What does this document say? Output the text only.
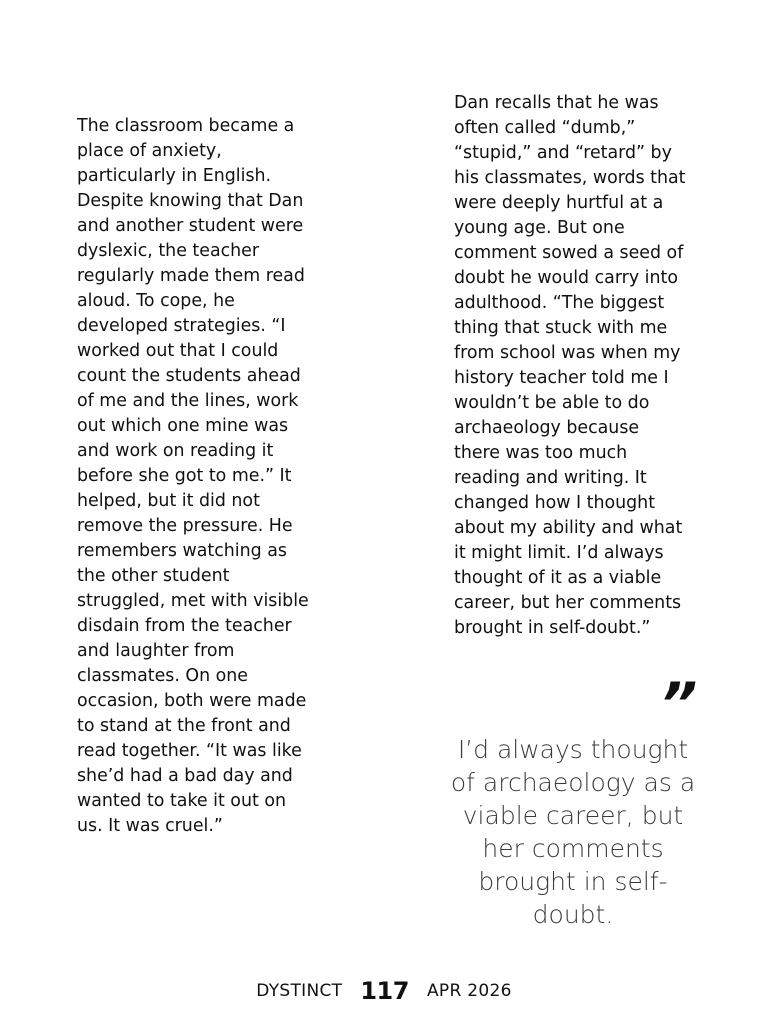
The classroom became a place of anxiety, particularly in English. Despite knowing that Dan and another student were dyslexic, the teacher regularly made them read aloud. To cope, he developed strategies. “I worked out that I could count the students ahead of me and the lines, work out which one mine was and work on reading it before she got to me.” It helped, but it did not remove the pressure. He remembers watching as the other student struggled, met with visible disdain from the teacher and laughter from classmates. On one occasion, both were made to stand at the front and read together. “It was like she’d had a bad day and wanted to take it out on us. It was cruel.”

Dan recalls that he was often called “dumb,” “stupid,” and “retard” by his classmates, words that were deeply hurtful at a young age. But one comment sowed a seed of doubt he would carry into adulthood. “The biggest thing that stuck with me from school was when my history teacher told me I wouldn’t be able to do archaeology because there was too much reading and writing. It changed how I thought about my ability and what it might limit. I’d always thought of it as a viable career, but her comments brought in self-doubt.”

”

I’d always thought of archaeology as a viable career, but her comments brought in self-doubt.

DYSTINCT 117 APR 2026
